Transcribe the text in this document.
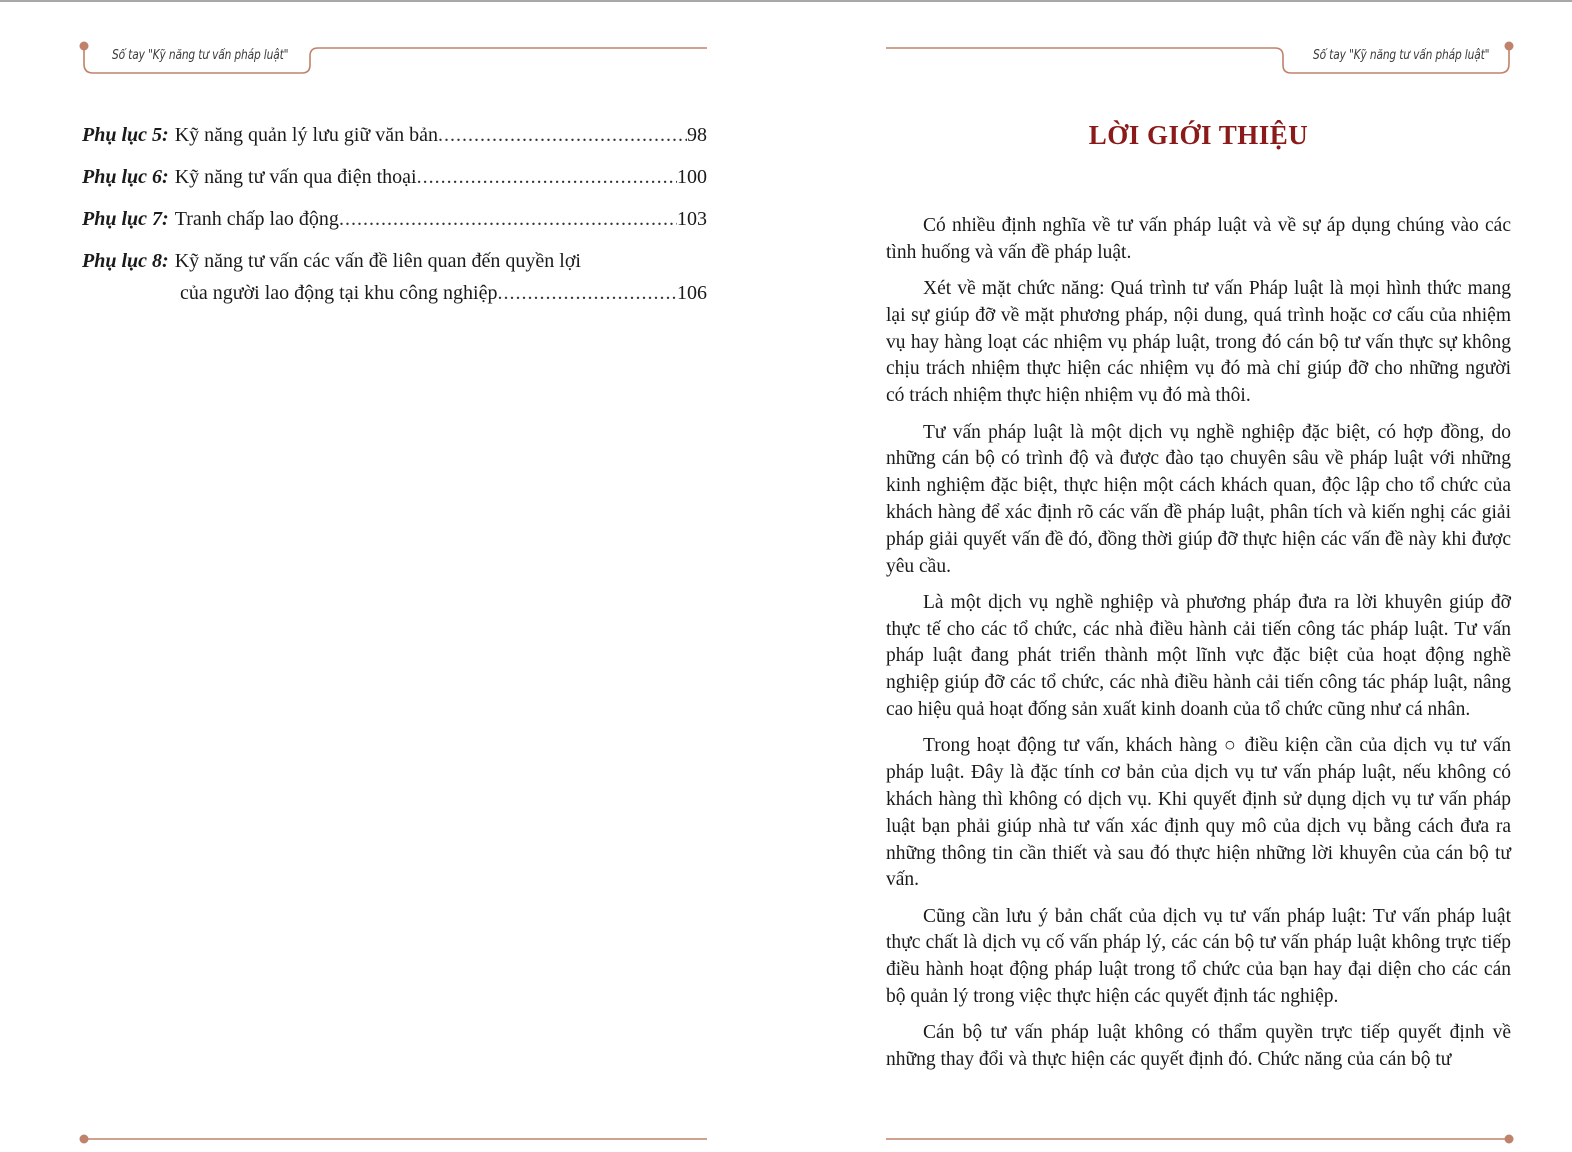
Sổ tay "Kỹ năng tư vấn pháp luật"	Sổ tay "Kỹ năng tư vấn pháp luật"
Phụ lục 5: Kỹ năng quản lý lưu giữ văn bản .....	98
Phụ lục 6: Kỹ năng tư vấn qua điện thoại .....	100
Phụ lục 7: Tranh chấp lao động .....	103
Phụ lục 8: Kỹ năng tư vấn các vấn đề liên quan đến quyền lợi
của người lao động tại khu công nghiệp .....	106
LỜI GIỚI THIỆU

Có nhiều định nghĩa về tư vấn pháp luật và về sự áp dụng chúng vào các tình huống và vấn đề pháp luật.

Xét về mặt chức năng: Quá trình tư vấn Pháp luật là mọi hình thức mang lại sự giúp đỡ về mặt phương pháp, nội dung, quá trình hoặc cơ cấu của nhiệm vụ hay hàng loạt các nhiệm vụ pháp luật, trong đó cán bộ tư vấn thực sự không chịu trách nhiệm thực hiện các nhiệm vụ đó mà chỉ giúp đỡ cho những người có trách nhiệm thực hiện nhiệm vụ đó mà thôi.

Tư vấn pháp luật là một dịch vụ nghề nghiệp đặc biệt, có hợp đồng, do những cán bộ có trình độ và được đào tạo chuyên sâu về pháp luật với những kinh nghiệm đặc biệt, thực hiện một cách khách quan, độc lập cho tổ chức của khách hàng để xác định rõ các vấn đề pháp luật, phân tích và kiến nghị các giải pháp giải quyết vấn đề đó, đồng thời giúp đỡ thực hiện các vấn đề này khi được yêu cầu.

Là một dịch vụ nghề nghiệp và phương pháp đưa ra lời khuyên giúp đỡ thực tế cho các tổ chức, các nhà điều hành cải tiến công tác pháp luật. Tư vấn pháp luật đang phát triển thành một lĩnh vực đặc biệt của hoạt động nghề nghiệp giúp đỡ các tổ chức, các nhà điều hành cải tiến công tác pháp luật, nâng cao hiệu quả hoạt đống sản xuất kinh doanh của tổ chức cũng như cá nhân.

Trong hoạt động tư vấn, khách hàng ○ điều kiện cần của dịch vụ tư vấn pháp luật. Đây là đặc tính cơ bản của dịch vụ tư vấn pháp luật, nếu không có khách hàng thì không có dịch vụ. Khi quyết định sử dụng dịch vụ tư vấn pháp luật bạn phải giúp nhà tư vấn xác định quy mô của dịch vụ bằng cách đưa ra những thông tin cần thiết và sau đó thực hiện những lời khuyên của cán bộ tư vấn.

Cũng cần lưu ý bản chất của dịch vụ tư vấn pháp luật: Tư vấn pháp luật thực chất là dịch vụ cố vấn pháp lý, các cán bộ tư vấn pháp luật không trực tiếp điều hành hoạt động pháp luật trong tổ chức của bạn hay đại diện cho các cán bộ quản lý trong việc thực hiện các quyết định tác nghiệp.

Cán bộ tư vấn pháp luật không có thẩm quyền trực tiếp quyết định về những thay đổi và thực hiện các quyết định đó. Chức năng của cán bộ tư
